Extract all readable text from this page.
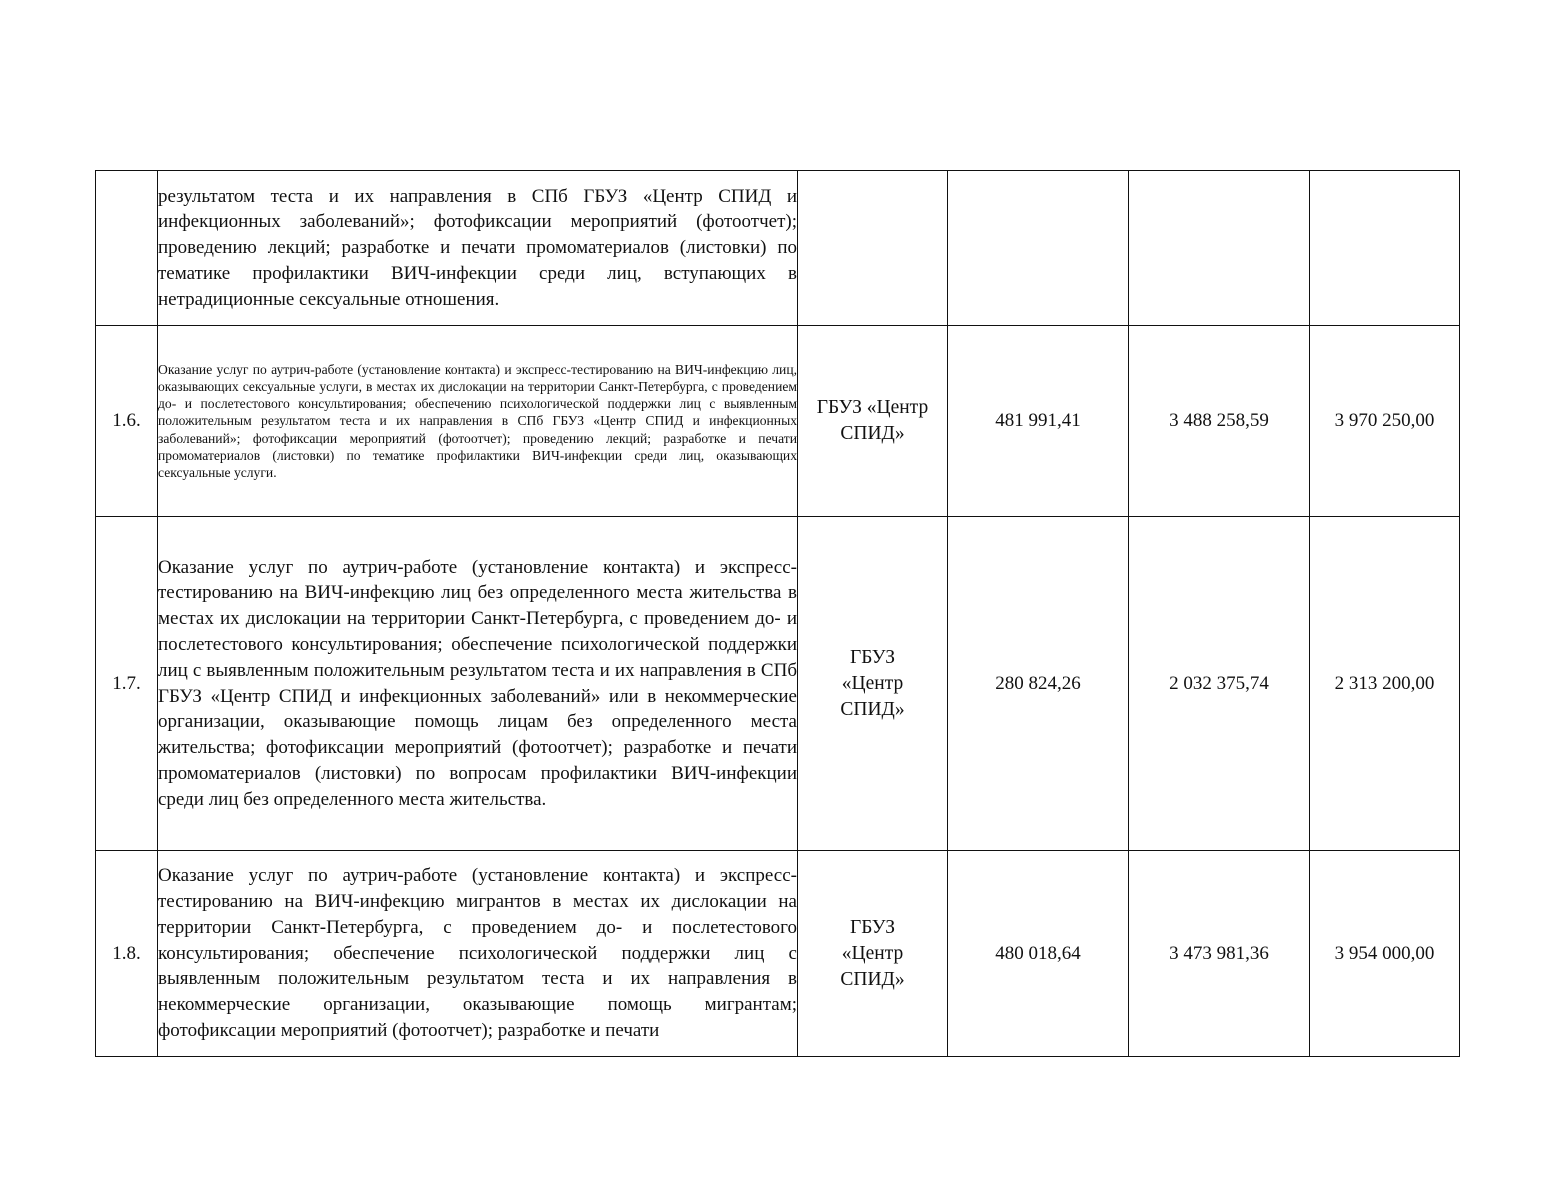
	результатом теста и их направления в СПб ГБУЗ «Центр СПИД и инфекционных заболеваний»; фотофиксации мероприятий (фотоотчет); проведению лекций; разработке и печати промоматериалов (листовки) по тематике профилактики ВИЧ-инфекции среди лиц, вступающих в нетрадиционные сексуальные отношения.				
1.6.	Оказание услуг по аутрич-работе (установление контакта) и экспресс-тестированию на ВИЧ-инфекцию лиц, оказывающих сексуальные услуги, в местах их дислокации на территории Санкт-Петербурга, с проведением до- и послетестового консультирования; обеспечению психологической поддержки лиц с выявленным положительным результатом теста и их направления в СПб ГБУЗ «Центр СПИД и инфекционных заболеваний»; фотофиксации мероприятий (фотоотчет); проведению лекций; разработке и печати промоматериалов (листовки) по тематике профилактики ВИЧ-инфекции среди лиц, оказывающих сексуальные услуги.	ГБУЗ «Центр СПИД»	481 991,41	3 488 258,59	3 970 250,00
1.7.	Оказание услуг по аутрич-работе (установление контакта) и экспресс-тестированию на ВИЧ-инфекцию лиц без определенного места жительства в местах их дислокации на территории Санкт-Петербурга, с проведением до- и послетестового консультирования; обеспечение психологической поддержки лиц с выявленным положительным результатом теста и их направления в СПб ГБУЗ «Центр СПИД и инфекционных заболеваний» или в некоммерческие организации, оказывающие помощь лицам без определенного места жительства; фотофиксации мероприятий (фотоотчет); разработке и печати промоматериалов (листовки) по вопросам профилактики ВИЧ-инфекции среди лиц без определенного места жительства.	ГБУЗ «Центр СПИД»	280 824,26	2 032 375,74	2 313 200,00
1.8.	Оказание услуг по аутрич-работе (установление контакта) и экспресс-тестированию на ВИЧ-инфекцию мигрантов в местах их дислокации на территории Санкт-Петербурга, с проведением до- и послетестового консультирования; обеспечение психологической поддержки лиц с выявленным положительным результатом теста и их направления в некоммерческие организации, оказывающие помощь мигрантам; фотофиксации мероприятий (фотоотчет); разработке и печати	ГБУЗ «Центр СПИД»	480 018,64	3 473 981,36	3 954 000,00
